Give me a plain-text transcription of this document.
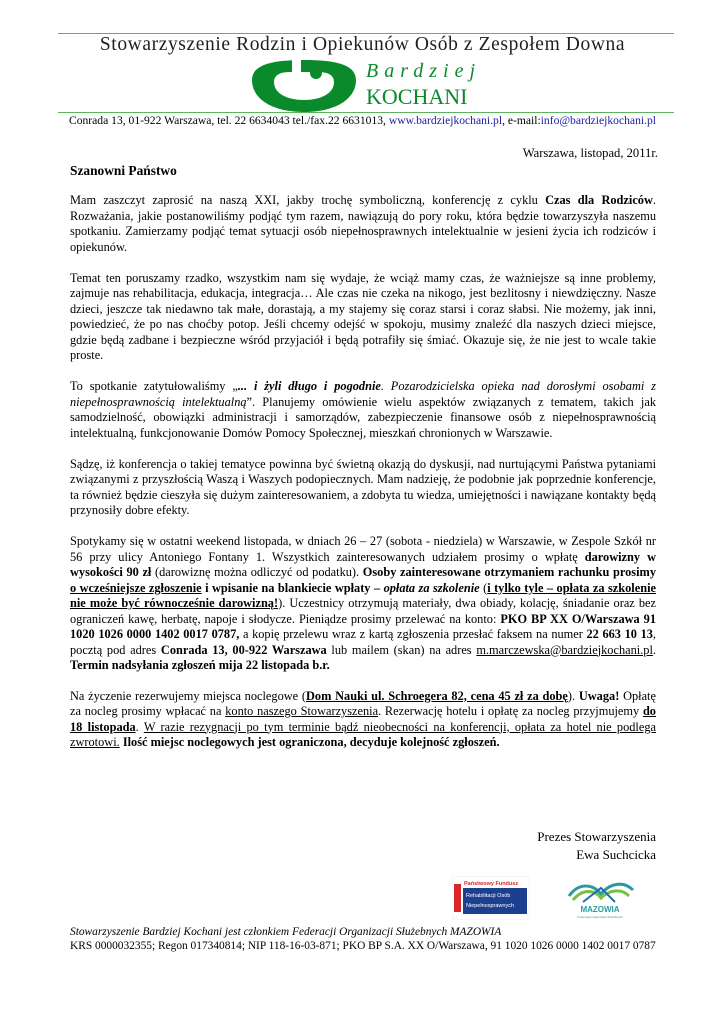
Stowarzyszenie Rodzin i Opiekunów Osób z Zespołem Downa
Bardziej
KOCHANI
Conrada 13, 01-922 Warszawa, tel. 22 6634043 tel./fax.22 6631013, www.bardziejkochani.pl, e-mail:info@bardziejkochani.pl
Warszawa, listopad, 2011r.
Szanowni Państwo

Mam zaszczyt zaprosić na naszą XXI, jakby trochę symboliczną, konferencję z cyklu Czas dla Rodziców. Rozważania, jakie postanowiliśmy podjąć tym razem, nawiązują do pory roku, która będzie towarzyszyła naszemu spotkaniu. Zamierzamy podjąć temat sytuacji osób niepełnosprawnych intelektualnie w jesieni życia ich rodziców i opiekunów.

Temat ten poruszamy rzadko, wszystkim nam się wydaje, że wciąż mamy czas, że ważniejsze są inne problemy, zajmuje nas rehabilitacja, edukacja, integracja… Ale czas nie czeka na nikogo, jest bezlitosny i niewdzięczny. Nasze dzieci, jeszcze tak niedawno tak małe, dorastają, a my stajemy się coraz starsi i coraz słabsi. Nie możemy, jak inni, powiedzieć, że po nas choćby potop. Jeśli chcemy odejść w spokoju, musimy znaleźć dla naszych dzieci miejsce, gdzie będą zadbane i bezpieczne wśród przyjaciół i będą potrafiły się śmiać. Okazuje się, że nie jest to wcale takie proste.

To spotkanie zatytułowaliśmy „... i żyli długo i pogodnie. Pozarodzicielska opieka nad dorosłymi osobami z niepełnosprawnością intelektualną”. Planujemy omówienie wielu aspektów związanych z tematem, takich jak samodzielność, obowiązki administracji i samorządów, zabezpieczenie finansowe osób z niepełnosprawnością intelektualną, funkcjonowanie Domów Pomocy Społecznej, mieszkań chronionych w Warszawie.

Sądzę, iż konferencja o takiej tematyce powinna być świetną okazją do dyskusji, nad nurtującymi Państwa pytaniami związanymi z przyszłością Waszą i Waszych podopiecznych. Mam nadzieję, że podobnie jak poprzednie konferencje, ta również będzie cieszyła się dużym zainteresowaniem, a zdobyta tu wiedza, umiejętności i nawiązane kontakty będą przynosiły dobre efekty.

Spotykamy się w ostatni weekend listopada, w dniach 26 – 27 (sobota - niedziela) w Warszawie, w Zespole Szkół nr 56 przy ulicy Antoniego Fontany 1. Wszystkich zainteresowanych udziałem prosimy o wpłatę darowizny w wysokości 90 zł (darowiznę można odliczyć od podatku). Osoby zainteresowane otrzymaniem rachunku prosimy o wcześniejsze zgłoszenie i wpisanie na blankiecie wpłaty – opłata za szkolenie (i tylko tyle – opłata za szkolenie nie może być równocześnie darowizną!). Uczestnicy otrzymują materiały, dwa obiady, kolację, śniadanie oraz bez ograniczeń kawę, herbatę, napoje i słodycze. Pieniądze prosimy przelewać na konto: PKO BP XX O/Warszawa 91 1020 1026 0000 1402 0017 0787, a kopię przelewu wraz z kartą zgłoszenia przesłać faksem na numer 22 663 10 13, pocztą pod adres Conrada 13, 00-922 Warszawa lub mailem (skan) na adres m.marczewska@bardziejkochani.pl. Termin nadsyłania zgłoszeń mija 22 listopada b.r.

Na życzenie rezerwujemy miejsca noclegowe (Dom Nauki ul. Schroegera 82, cena 45 zł za dobę). Uwaga! Opłatę za nocleg prosimy wpłacać na konto naszego Stowarzyszenia. Rezerwację hotelu i opłatę za nocleg przyjmujemy do 18 listopada. W razie rezygnacji po tym terminie bądź nieobecności na konferencji, opłata za hotel nie podlega zwrotowi. Ilość miejsc noclegowych jest ograniczona, decyduje kolejność zgłoszeń.

Prezes Stowarzyszenia
Ewa Suchcicka
Państwowy Fundusz
Rehabilitacji Osób
Niepełnosprawnych	MAZOWIA
Federacja Organizacji Służebnych
Stowarzyszenie Bardziej Kochani jest członkiem Federacji Organizacji Służebnych MAZOWIA
KRS 0000032355; Regon 017340814; NIP 118-16-03-871; PKO BP S.A. XX O/Warszawa, 91 1020 1026 0000 1402 0017 0787
